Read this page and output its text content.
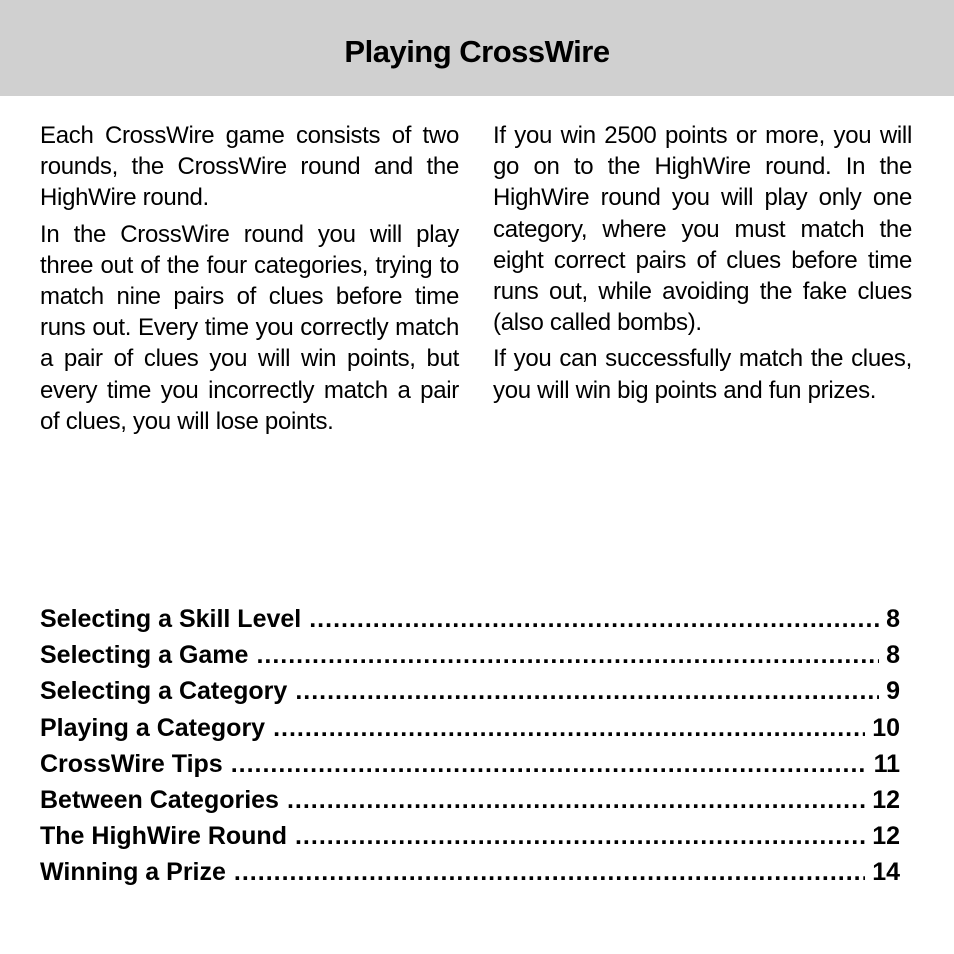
Playing CrossWire

Each CrossWire game consists of two rounds, the CrossWire round and the HighWire round.

In the CrossWire round you will play three out of the four categories, trying to match nine pairs of clues before time runs out. Every time you correctly match a pair of clues you will win points, but every time you incorrectly match a pair of clues, you will lose points.

If you win 2500 points or more, you will go on to the HighWire round. In the HighWire round you will play only one category, where you must match the eight correct pairs of clues before time runs out, while avoiding the fake clues (also called bombs).

If you can successfully match the clues, you will win big points and fun prizes.

Selecting a Skill Level .....	8
Selecting a Game .....	8
Selecting a Category .....	9
Playing a Category .....	10
CrossWire Tips .....	11
Between Categories .....	12
The HighWire Round .....	12
Winning a Prize .....	14
